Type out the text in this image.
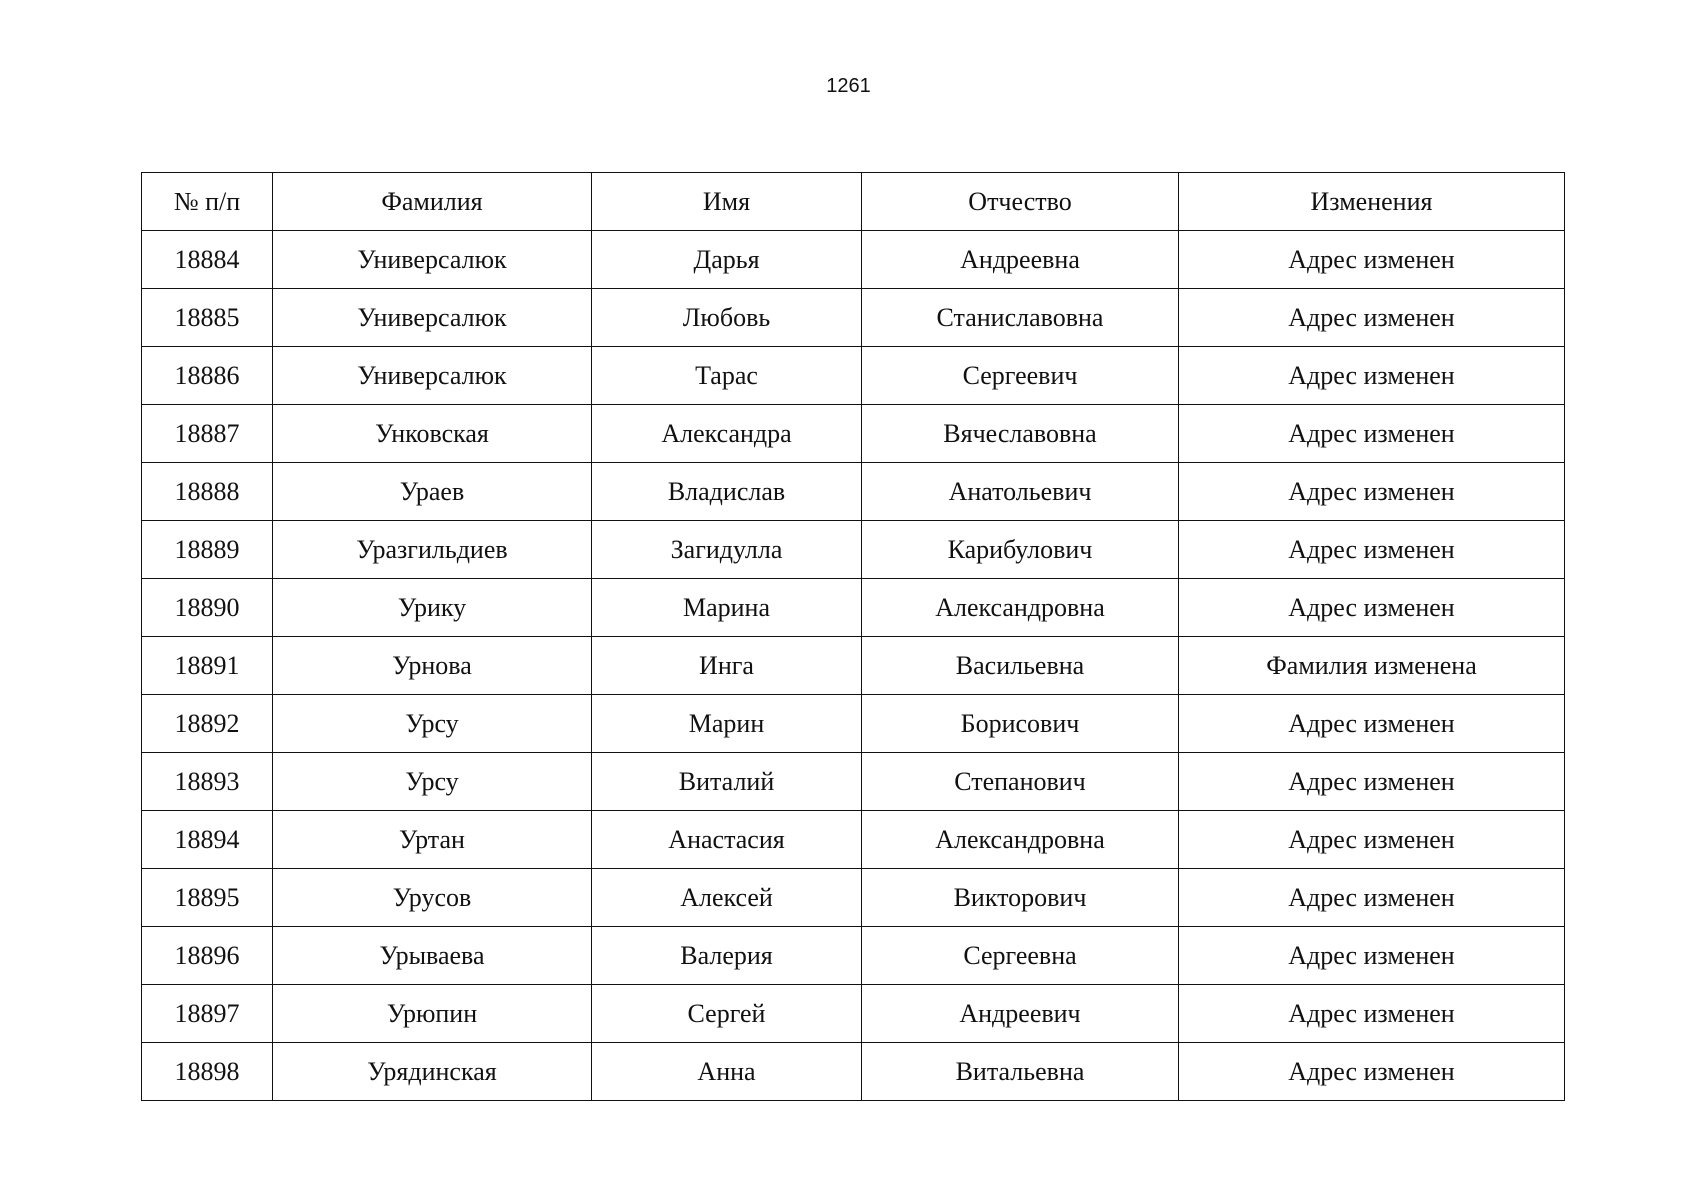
1261
№ п/п	Фамилия	Имя	Отчество	Изменения
18884	Универсалюк	Дарья	Андреевна	Адрес изменен
18885	Универсалюк	Любовь	Станиславовна	Адрес изменен
18886	Универсалюк	Тарас	Сергеевич	Адрес изменен
18887	Унковская	Александра	Вячеславовна	Адрес изменен
18888	Ураев	Владислав	Анатольевич	Адрес изменен
18889	Уразгильдиев	Загидулла	Карибулович	Адрес изменен
18890	Урику	Марина	Александровна	Адрес изменен
18891	Урнова	Инга	Васильевна	Фамилия изменена
18892	Урсу	Марин	Борисович	Адрес изменен
18893	Урсу	Виталий	Степанович	Адрес изменен
18894	Уртан	Анастасия	Александровна	Адрес изменен
18895	Урусов	Алексей	Викторович	Адрес изменен
18896	Урываева	Валерия	Сергеевна	Адрес изменен
18897	Урюпин	Сергей	Андреевич	Адрес изменен
18898	Урядинская	Анна	Витальевна	Адрес изменен
